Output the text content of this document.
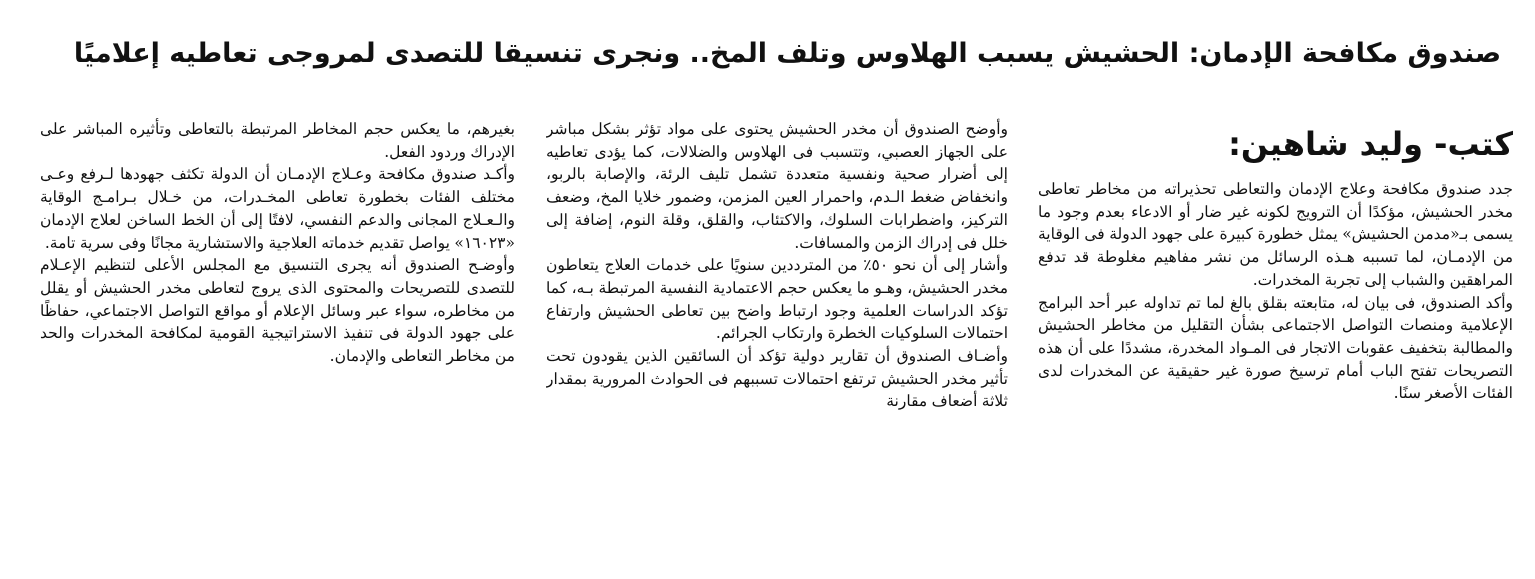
صندوق مكافحة الإدمان: الحشيش يسبب الهلاوس وتلف المخ.. ونجرى تنسيقا للتصدى لمروجى تعاطيه إعلاميًا
كتب- وليد شاهين:

جدد صندوق مكافحة وعلاج الإدمان والتعاطى تحذيراته من مخاطر تعاطى مخدر الحشيش، مؤكدًا أن الترويج لكونه غير ضار أو الادعاء بعدم وجود ما يسمى بـ«مدمن الحشيش» يمثل خطورة كبيرة على جهود الدولة فى الوقاية من الإدمـان، لما تسببه هـذه الرسائل من نشر مفاهيم مغلوطة قد تدفع المراهقين والشباب إلى تجربة المخدرات.

وأكد الصندوق، فى بيان له، متابعته بقلق بالغ لما تم تداوله عبر أحد البرامج الإعلامية ومنصات التواصل الاجتماعى بشأن التقليل من مخاطر الحشيش والمطالبة بتخفيف عقوبات الاتجار فى المـواد المخدرة، مشددًا على أن هذه التصريحات تفتح الباب أمام ترسيخ صورة غير حقيقية عن المخدرات لدى الفئات الأصغر سنًا.

وأوضح الصندوق أن مخدر الحشيش يحتوى على مواد تؤثر بشكل مباشر على الجهاز العصبي، وتتسبب فى الهلاوس والضلالات، كما يؤدى تعاطيه إلى أضرار صحية ونفسية متعددة تشمل تليف الرئة، والإصابة بالربو، وانخفاض ضغط الـدم، واحمرار العين المزمن، وضمور خلايا المخ، وضعف التركيز، واضطرابات السلوك، والاكتئاب، والقلق، وقلة النوم، إضافة إلى خلل فى إدراك الزمن والمسافات.

وأشار إلى أن نحو ٥٠٪ من المترددين سنويًا على خدمات العلاج يتعاطون مخدر الحشيش، وهـو ما يعكس حجم الاعتمادية النفسية المرتبطة بـه، كما تؤكد الدراسات العلمية وجود ارتباط واضح بين تعاطى الحشيش وارتفاع احتمالات السلوكيات الخطرة وارتكاب الجرائم.

وأضـاف الصندوق أن تقارير دولية تؤكد أن السائقين الذين يقودون تحت تأثير مخدر الحشيش ترتفع احتمالات تسببهم فى الحوادث المرورية بمقدار ثلاثة أضعاف مقارنة

بغيرهم، ما يعكس حجم المخاطر المرتبطة بالتعاطى وتأثيره المباشر على الإدراك وردود الفعل.

وأكـد صندوق مكافحة وعـلاج الإدمـان أن الدولة تكثف جهودها لـرفع وعـى مختلف الفئات بخطورة تعاطى المخـدرات، من خـلال بـرامـج الوقاية والـعـلاج المجانى والدعم النفسي، لافتًا إلى أن الخط الساخن لعلاج الإدمان «١٦٠٢٣» يواصل تقديم خدماته العلاجية والاستشارية مجانًا وفى سرية تامة.

وأوضـح الصندوق أنه يجرى التنسيق مع المجلس الأعلى لتنظيم الإعـلام للتصدى للتصريحات والمحتوى الذى يروج لتعاطى مخدر الحشيش أو يقلل من مخاطره، سواء عبر وسائل الإعلام أو مواقع التواصل الاجتماعي، حفاظًا على جهود الدولة فى تنفيذ الاستراتيجية القومية لمكافحة المخدرات والحد من مخاطر التعاطى والإدمان.
